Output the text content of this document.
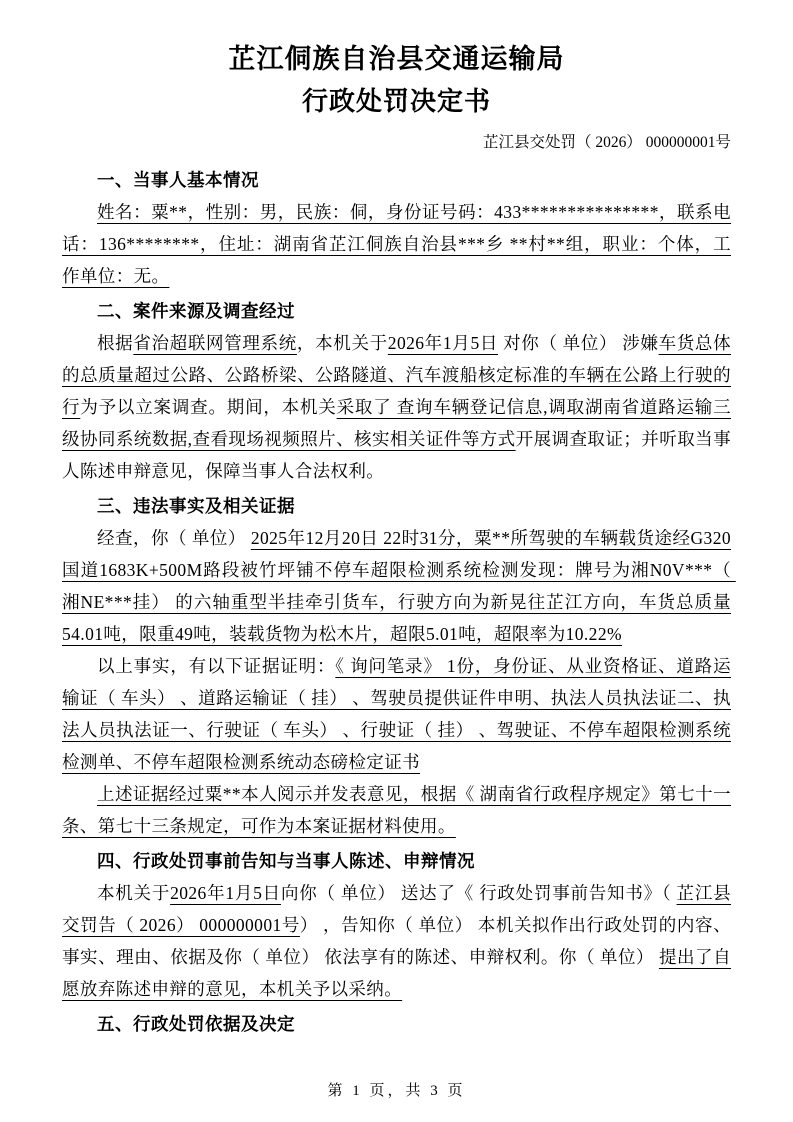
芷江侗族自治县交通运输局
行政处罚决定书
芷江县交处罚（ 2026） 000000001号
一、当事人基本情况

姓名：粟**，性别：男，民族：侗，身份证号码：433***************，联系电话：136********，住址：湖南省芷江侗族自治县***乡 **村**组，职业：个体，工作单位：无。

二、案件来源及调查经过

根据省治超联网管理系统，本机关于2026年1月5日 对你（ 单位） 涉嫌车货总体的总质量超过公路、公路桥梁、公路隧道、汽车渡船核定标准的车辆在公路上行驶的行为予以立案调查。期间，本机关采取了 查询车辆登记信息,调取湖南省道路运输三级协同系统数据,查看现场视频照片、核实相关证件等方式开展调查取证；并听取当事人陈述申辩意见，保障当事人合法权利。

三、违法事实及相关证据

经查，你（ 单位） 2025年12月20日 22时31分，粟**所驾驶的车辆载货途经G320国道1683K+500M路段被竹坪铺不停车超限检测系统检测发现：牌号为湘N0V***（ 湘NE***挂） 的六轴重型半挂牵引货车，行驶方向为新晃往芷江方向，车货总质量54.01吨，限重49吨，装载货物为松木片，超限5.01吨，超限率为10.22%

以上事实，有以下证据证明：《 询问笔录》 1份，身份证、从业资格证、道路运输证（ 车头） 、道路运输证（ 挂） 、驾驶员提供证件申明、执法人员执法证二、执法人员执法证一、行驶证（ 车头） 、行驶证（ 挂） 、驾驶证、不停车超限检测系统检测单、不停车超限检测系统动态磅检定证书

上述证据经过粟**本人阅示并发表意见，根据《 湖南省行政程序规定》第七十一条、第七十三条规定，可作为本案证据材料使用。

四、行政处罚事前告知与当事人陈述、申辩情况

本机关于2026年1月5日向你（ 单位） 送达了《 行政处罚事前告知书》（ 芷江县交罚告（ 2026） 000000001号） ，告知你（ 单位） 本机关拟作出行政处罚的内容、事实、理由、依据及你（ 单位） 依法享有的陈述、申辩权利。你（ 单位） 提出了自愿放弃陈述申辩的意见，本机关予以采纳。

五、行政处罚依据及决定
第 1 页，共 3 页
